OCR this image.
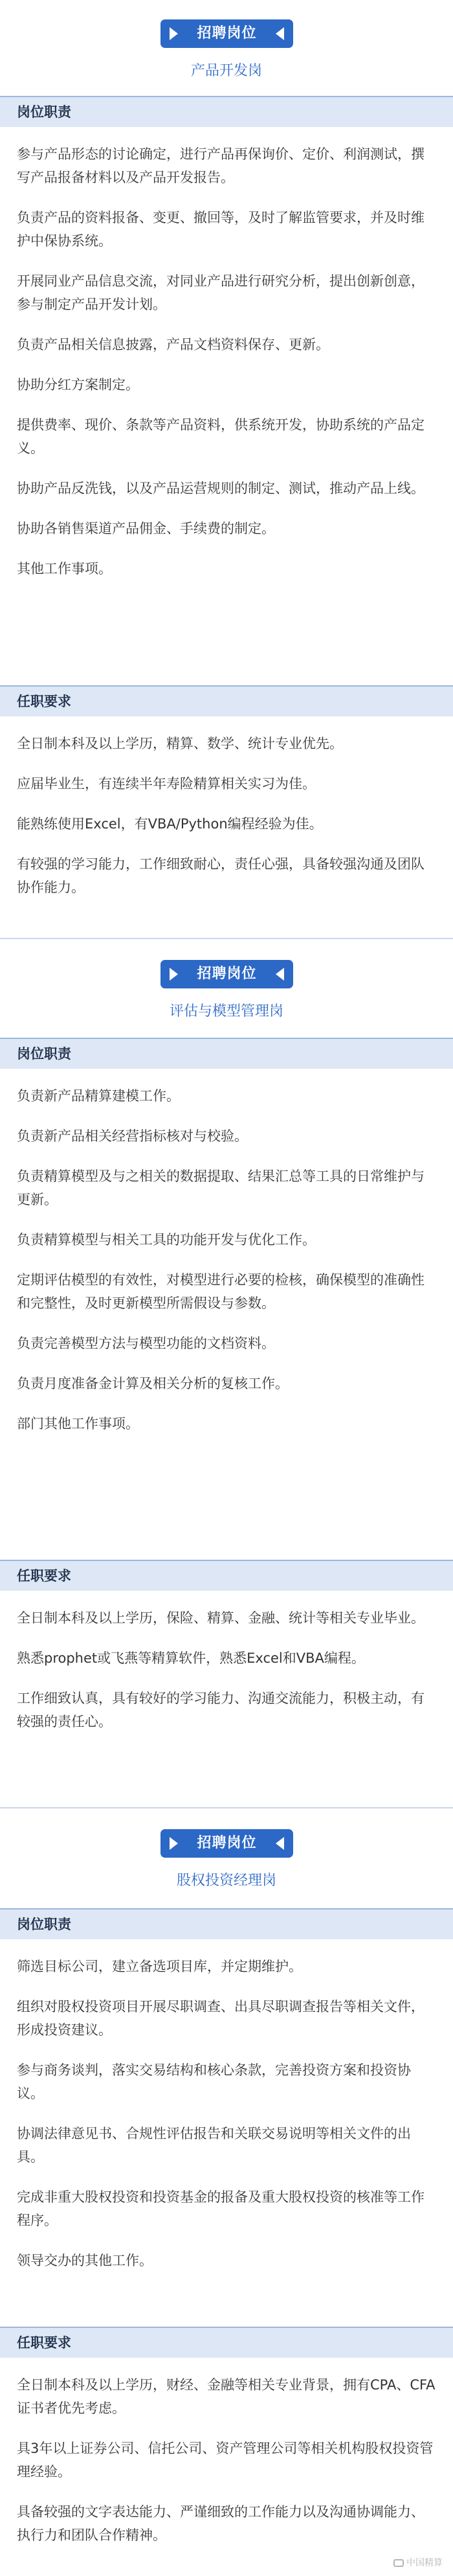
招聘岗位
产品开发岗
岗位职责

参与产品形态的讨论确定，进行产品再保询价、定价、利润测试，撰写产品报备材料以及产品开发报告。

负责产品的资料报备、变更、撤回等，及时了解监管要求，并及时维护中保协系统。

开展同业产品信息交流，对同业产品进行研究分析，提出创新创意，参与制定产品开发计划。

负责产品相关信息披露，产品文档资料保存、更新。

协助分红方案制定。

提供费率、现价、条款等产品资料，供系统开发，协助系统的产品定义。

协助产品反洗钱，以及产品运营规则的制定、测试，推动产品上线。

协助各销售渠道产品佣金、手续费的制定。

其他工作事项。

任职要求

全日制本科及以上学历，精算、数学、统计专业优先。

应届毕业生，有连续半年寿险精算相关实习为佳。

能熟练使用Excel，有VBA/Python编程经验为佳。

有较强的学习能力，工作细致耐心，责任心强，具备较强沟通及团队协作能力。

招聘岗位
评估与模型管理岗
岗位职责

负责新产品精算建模工作。

负责新产品相关经营指标核对与校验。

负责精算模型及与之相关的数据提取、结果汇总等工具的日常维护与更新。

负责精算模型与相关工具的功能开发与优化工作。

定期评估模型的有效性，对模型进行必要的检核，确保模型的准确性和完整性，及时更新模型所需假设与参数。

负责完善模型方法与模型功能的文档资料。

负责月度准备金计算及相关分析的复核工作。

部门其他工作事项。

任职要求

全日制本科及以上学历，保险、精算、金融、统计等相关专业毕业。

熟悉prophet或飞燕等精算软件，熟悉Excel和VBA编程。

工作细致认真，具有较好的学习能力、沟通交流能力，积极主动，有较强的责任心。

招聘岗位
股权投资经理岗
岗位职责

筛选目标公司，建立备选项目库，并定期维护。

组织对股权投资项目开展尽职调查、出具尽职调查报告等相关文件，形成投资建议。

参与商务谈判，落实交易结构和核心条款，完善投资方案和投资协议。

协调法律意见书、合规性评估报告和关联交易说明等相关文件的出具。

完成非重大股权投资和投资基金的报备及重大股权投资的核准等工作程序。

领导交办的其他工作。

任职要求

全日制本科及以上学历，财经、金融等相关专业背景，拥有CPA、CFA证书者优先考虑。

具3年以上证券公司、信托公司、资产管理公司等相关机构股权投资管理经验。

具备较强的文字表达能力、严谨细致的工作能力以及沟通协调能力、执行力和团队合作精神。

中国精算
